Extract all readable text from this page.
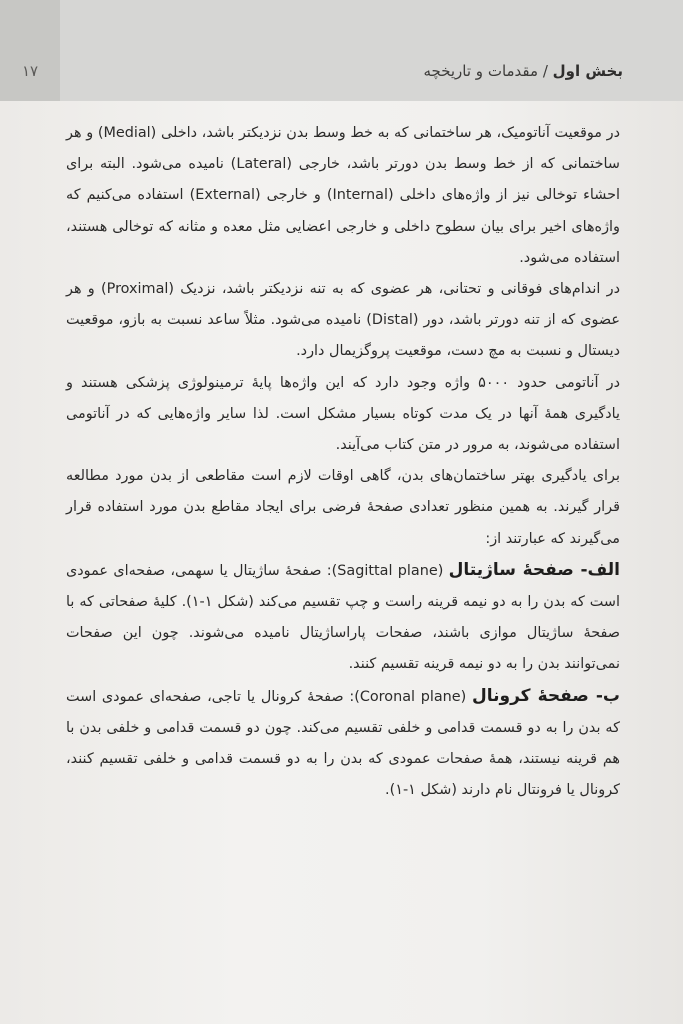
۱۷	بخش اول / مقدمات و تاریخچه

در موقعیت آناتومیک، هر ساختمانی که به خط وسط بدن نزدیکتر باشد، داخلی (Medial) و هر ساختمانی که از خط وسط بدن دورتر باشد، خارجی (Lateral) نامیده می‌شود. البته برای احشاء توخالی نیز از واژه‌های داخلی (Internal) و خارجی (External) استفاده می‌کنیم که واژه‌های اخیر برای بیان سطوح داخلی و خارجی اعضایی مثل معده و مثانه که توخالی هستند، استفاده می‌شود.

در اندام‌های فوقانی و تحتانی، هر عضوی که به تنه نزدیکتر باشد، نزدیک (Proximal) و هر عضوی که از تنه دورتر باشد، دور (Distal) نامیده می‌شود. مثلاً ساعد نسبت به بازو، موقعیت دیستال و نسبت به مچ دست، موقعیت پروگزیمال دارد.

در آناتومی حدود ۵۰۰۰ واژه وجود دارد که این واژه‌ها پایهٔ ترمینولوژی پزشکی هستند و یادگیری همهٔ آنها در یک مدت کوتاه بسیار مشکل است. لذا سایر واژه‌هایی که در آناتومی استفاده می‌شوند، به مرور در متن کتاب می‌آیند.

برای یادگیری بهتر ساختمان‌های بدن، گاهی اوقات لازم است مقاطعی از بدن مورد مطالعه قرار گیرند. به همین منظور تعدادی صفحهٔ فرضی برای ایجاد مقاطع بدن مورد استفاده قرار می‌گیرند که عبارتند از:

الف- صفحهٔ ساژیتال (Sagittal plane): صفحهٔ ساژیتال یا سهمی، صفحه‌ای عمودی است که بدن را به دو نیمه قرینه راست و چپ تقسیم می‌کند (شکل ۱-۱). کلیهٔ صفحاتی که با صفحهٔ ساژیتال موازی باشند، صفحات پاراساژیتال نامیده می‌شوند. چون این صفحات نمی‌توانند بدن را به دو نیمه قرینه تقسیم کنند.

ب- صفحهٔ کرونال (Coronal plane): صفحهٔ کرونال یا تاجی، صفحه‌ای عمودی است که بدن را به دو قسمت قدامی و خلفی تقسیم می‌کند. چون دو قسمت قدامی و خلفی بدن با هم قرینه نیستند، همهٔ صفحات عمودی که بدن را به دو قسمت قدامی و خلفی تقسیم کنند، کرونال یا فرونتال نام دارند (شکل ۱-۱).
